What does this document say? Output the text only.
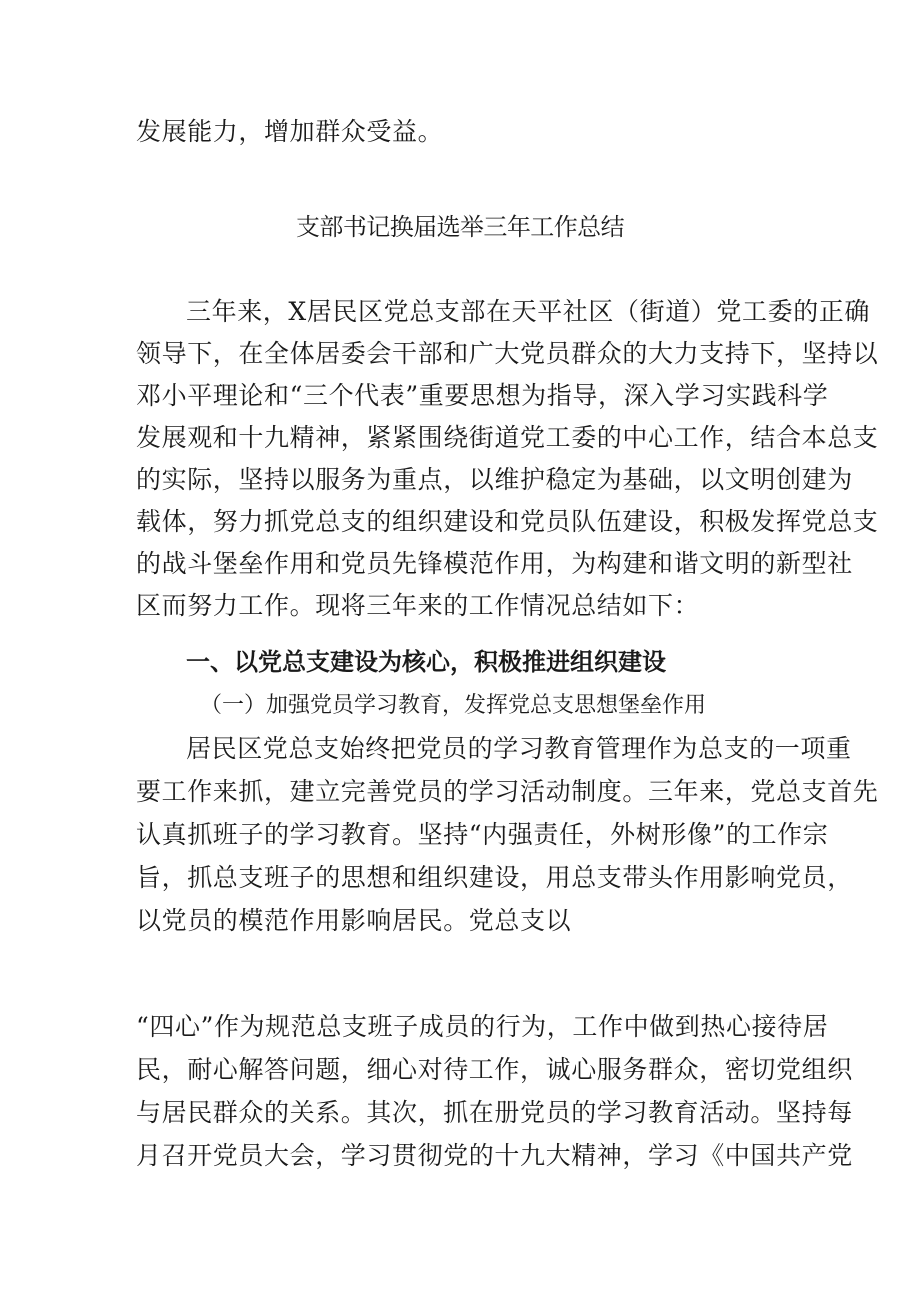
发展能力，增加群众受益。
支部书记换届选举三年工作总结
三年来，X居民区党总支部在天平社区（街道）党工委的正确
领导下，在全体居委会干部和广大党员群众的大力支持下，坚持以
邓小平理论和“三个代表”重要思想为指导，深入学习实践科学
发展观和十九精神，紧紧围绕街道党工委的中心工作，结合本总支
的实际，坚持以服务为重点，以维护稳定为基础，以文明创建为
载体，努力抓党总支的组织建设和党员队伍建设，积极发挥党总支
的战斗堡垒作用和党员先锋模范作用，为构建和谐文明的新型社
区而努力工作。现将三年来的工作情况总结如下：
一、以党总支建设为核心，积极推进组织建设
（一）加强党员学习教育，发挥党总支思想堡垒作用
居民区党总支始终把党员的学习教育管理作为总支的一项重
要工作来抓，建立完善党员的学习活动制度。三年来，党总支首先
认真抓班子的学习教育。坚持“内强责任，外树形像”的工作宗
旨，抓总支班子的思想和组织建设，用总支带头作用影响党员，
以党员的模范作用影响居民。党总支以
“四心”作为规范总支班子成员的行为，工作中做到热心接待居
民，耐心解答问题，细心对待工作，诚心服务群众，密切党组织
与居民群众的关系。其次，抓在册党员的学习教育活动。坚持每
月召开党员大会，学习贯彻党的十九大精神，学习《中国共产党
